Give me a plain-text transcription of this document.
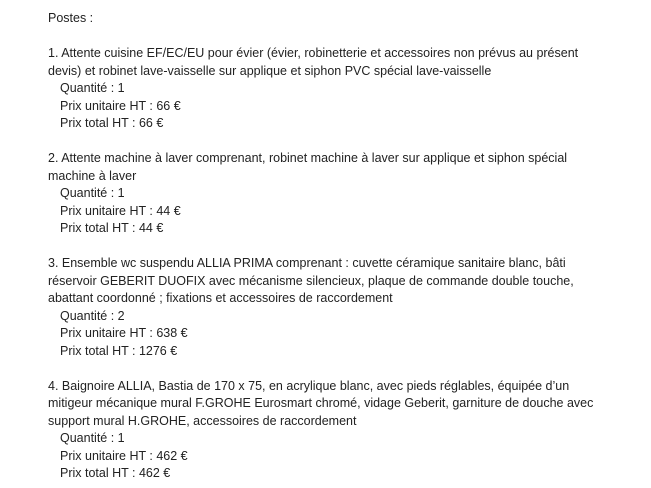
Postes :

1. Attente cuisine EF/EC/EU pour évier (évier, robinetterie et accessoires non prévus au présent devis) et robinet lave-vaisselle sur applique et siphon PVC spécial lave-vaisselle

Quantité : 1

Prix unitaire HT : 66 €

Prix total HT : 66 €

2. Attente machine à laver comprenant, robinet machine à laver sur applique et siphon spécial machine à laver

Quantité : 1

Prix unitaire HT : 44 €

Prix total HT : 44 €

3. Ensemble wc suspendu ALLIA PRIMA comprenant : cuvette céramique sanitaire blanc, bâti réservoir GEBERIT DUOFIX avec mécanisme silencieux, plaque de commande double touche, abattant coordonné ; fixations et accessoires de raccordement

Quantité : 2

Prix unitaire HT : 638 €

Prix total HT : 1276 €

4. Baignoire ALLIA, Bastia de 170 x 75, en acrylique blanc, avec pieds réglables, équipée d’un mitigeur mécanique mural F.GROHE Eurosmart chromé, vidage Geberit, garniture de douche avec support mural H.GROHE, accessoires de raccordement

Quantité : 1

Prix unitaire HT : 462 €

Prix total HT : 462 €
